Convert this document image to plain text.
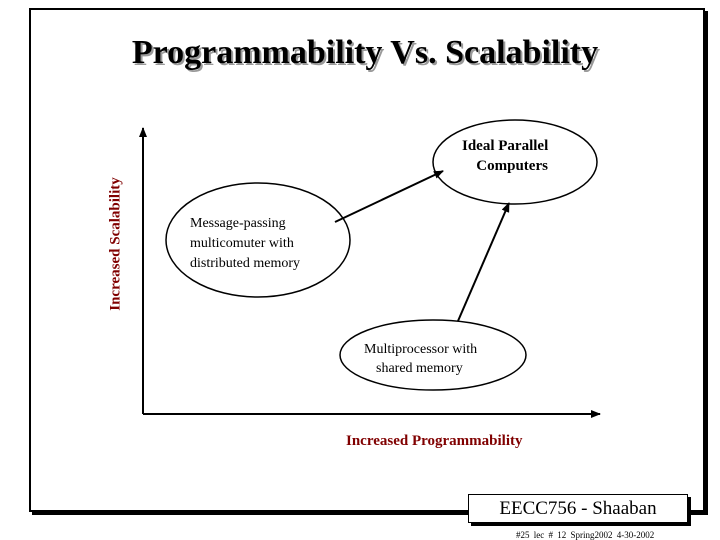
Programmability Vs. Scalability
Increased Scalability
Increased Programmability
Ideal Parallel
Computers
Message-passing
multicomuter with
distributed memory
Multiprocessor with
shared memory
EECC756 - Shaaban
#25 lec # 12 Spring2002 4-30-2002
